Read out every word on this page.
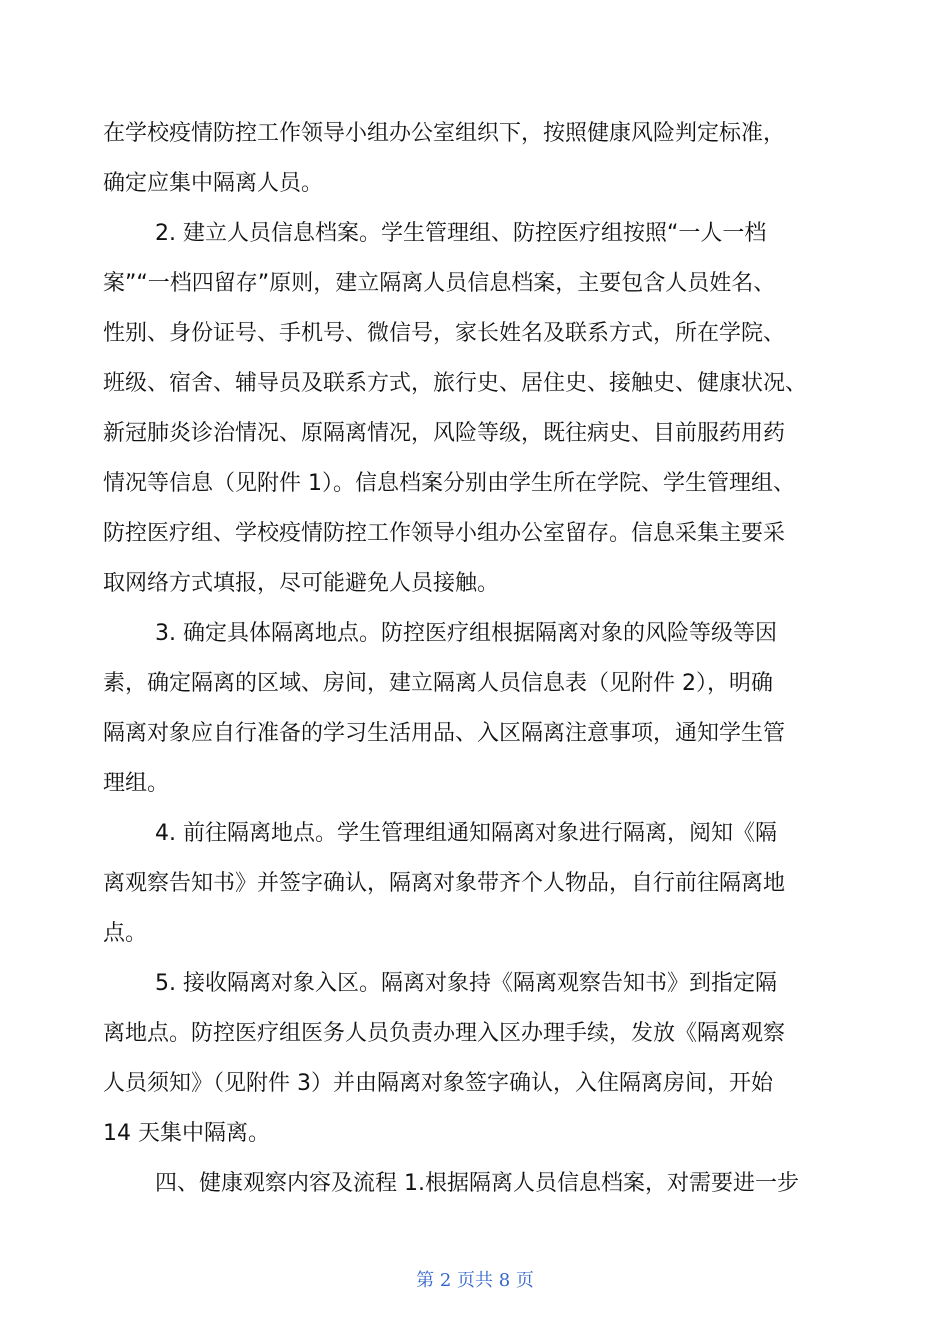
在学校疫情防控工作领导小组办公室组织下，按照健康风险判定标准，
确定应集中隔离人员。
2. 建立人员信息档案。学生管理组、防控医疗组按照“一人一档
案”“一档四留存”原则，建立隔离人员信息档案，主要包含人员姓名、
性别、身份证号、手机号、微信号，家长姓名及联系方式，所在学院、
班级、宿舍、辅导员及联系方式，旅行史、居住史、接触史、健康状况、
新冠肺炎诊治情况、原隔离情况，风险等级，既往病史、目前服药用药
情况等信息（见附件 1）。信息档案分别由学生所在学院、学生管理组、
防控医疗组、学校疫情防控工作领导小组办公室留存。信息采集主要采
取网络方式填报，尽可能避免人员接触。
3. 确定具体隔离地点。防控医疗组根据隔离对象的风险等级等因
素，确定隔离的区域、房间，建立隔离人员信息表（见附件 2），明确
隔离对象应自行准备的学习生活用品、入区隔离注意事项，通知学生管
理组。
4. 前往隔离地点。学生管理组通知隔离对象进行隔离，阅知《隔
离观察告知书》并签字确认，隔离对象带齐个人物品，自行前往隔离地
点。
5. 接收隔离对象入区。隔离对象持《隔离观察告知书》到指定隔
离地点。防控医疗组医务人员负责办理入区办理手续，发放《隔离观察
人员须知》（见附件 3）并由隔离对象签字确认，入住隔离房间，开始
14 天集中隔离。
四、健康观察内容及流程 1.根据隔离人员信息档案，对需要进一步
第 2 页共 8 页
